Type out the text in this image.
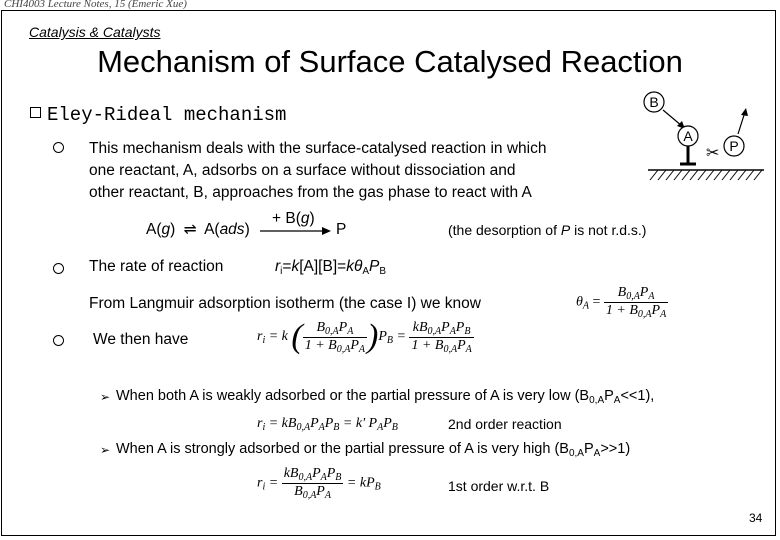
CHI4003 Lecture Notes, 15 (Emeric Xue)
Catalysis & Catalysts
Mechanism of Surface Catalysed Reaction
Eley-Rideal mechanism
B
A
P
✂
This mechanism deals with the surface-catalysed reaction in which
one reactant, A, adsorbs on a surface without dissociation and
other reactant, B, approaches from the gas phase to react with A
A(g) ⇌ A(ads)
+ B(g)
P	(the desorption of P is not r.d.s.)
The rate of reaction	$r_i=k[A][B]=k\theta_AP_B$
From Langmuir adsorption isotherm (the case I) we know	$\theta_A = \frac{B_{0,A}P_A}{1 + B_{0,A}P_A}$
We then have	$r_i = k$ ( $\frac{B_{0,A}P_A}{1 + B_{0,A}P_A} )P_B = \frac{kB_{0,A}P_AP_B}{1 + B_{0,A}P_A}$
➢ When both A is weakly adsorbed or the partial pressure of A is very low $(B_{0,A}P_A<<1)$,
$r_i = kB_{0,A}P_AP_B = k'$ $P_AP_B$	2nd order reaction
➢ When A is strongly adsorbed or the partial pressure of A is very high $(B_{0,A}P_A>>1)$
$r_i = \frac{kB_{0,A}P_AP_B}{B_{0,A}P_A} = kP_B$	1st order w.r.t. B
34
